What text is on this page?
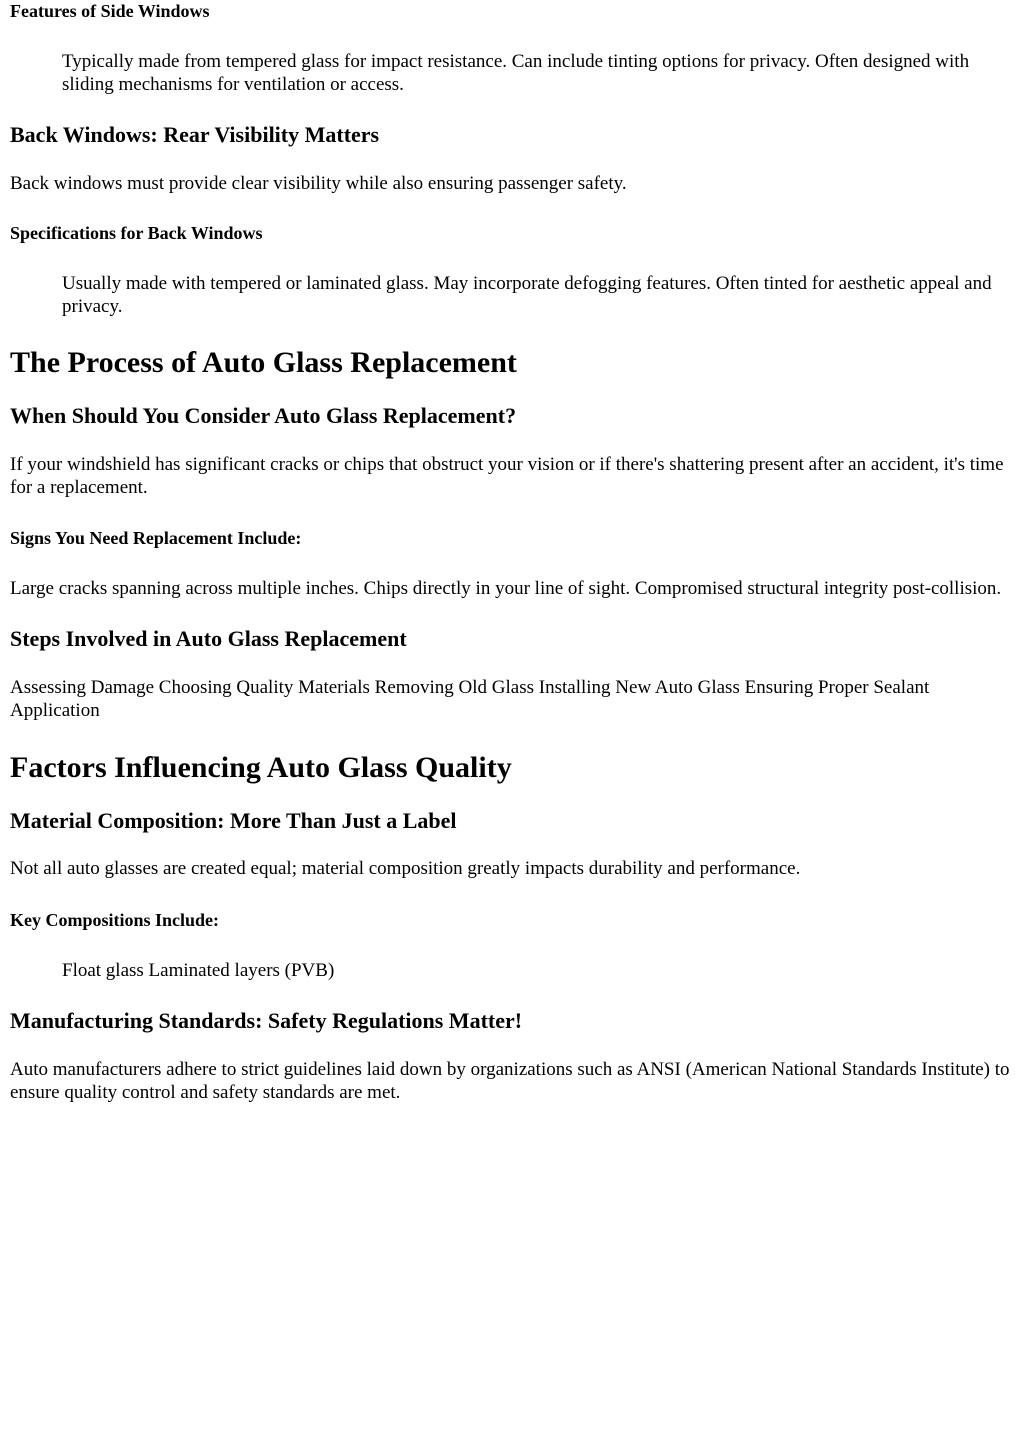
Features of Side Windows

Typically made from tempered glass for impact resistance. Can include tinting options for privacy. Often designed with sliding mechanisms for ventilation or access.

Back Windows: Rear Visibility Matters

Back windows must provide clear visibility while also ensuring passenger safety.

Specifications for Back Windows

Usually made with tempered or laminated glass. May incorporate defogging features. Often tinted for aesthetic appeal and privacy.

The Process of Auto Glass Replacement
When Should You Consider Auto Glass Replacement?

If your windshield has significant cracks or chips that obstruct your vision or if there's shattering present after an accident, it's time for a replacement.

Signs You Need Replacement Include:

Large cracks spanning across multiple inches. Chips directly in your line of sight. Compromised structural integrity post-collision.

Steps Involved in Auto Glass Replacement

Assessing Damage Choosing Quality Materials Removing Old Glass Installing New Auto Glass Ensuring Proper Sealant Application

Factors Influencing Auto Glass Quality
Material Composition: More Than Just a Label

Not all auto glasses are created equal; material composition greatly impacts durability and performance.

Key Compositions Include:

Float glass Laminated layers (PVB)

Manufacturing Standards: Safety Regulations Matter!

Auto manufacturers adhere to strict guidelines laid down by organizations such as ANSI (American National Standards Institute) to ensure quality control and safety standards are met.
